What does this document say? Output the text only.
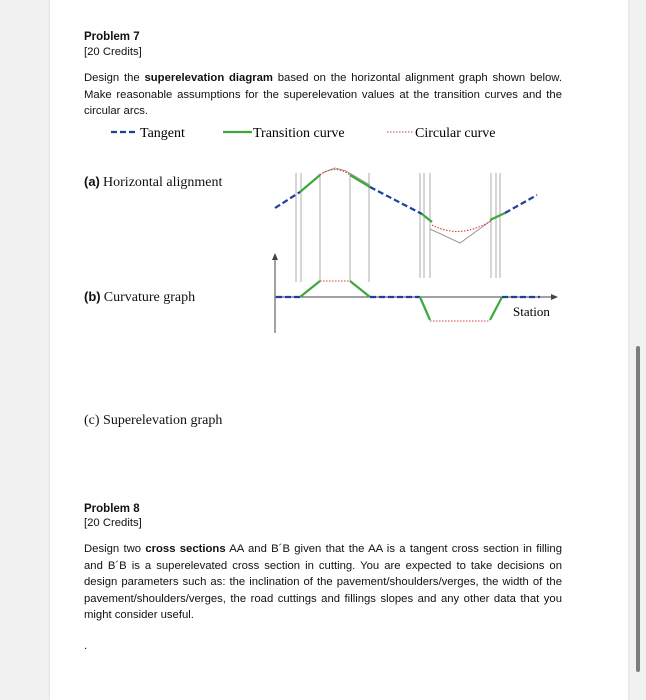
Problem 7
[20 Credits]

Design the superelevation diagram based on the horizontal alignment graph shown below. Make reasonable assumptions for the superelevation values at the transition curves and the circular arcs.

Tangent	Transition curve	Circular curve
Station
(a) Horizontal alignment
(b) Curvature graph
(c) Superelevation graph
Problem 8
[20 Credits]

Design two cross sections AA and B´B given that the AA is a tangent cross section in filling and B´B is a superelevated cross section in cutting. You are expected to take decisions on design parameters such as: the inclination of the pavement/shoulders/verges, the width of the pavement/shoulders/verges, the road cuttings and fillings slopes and any other data that you might consider useful.

.
